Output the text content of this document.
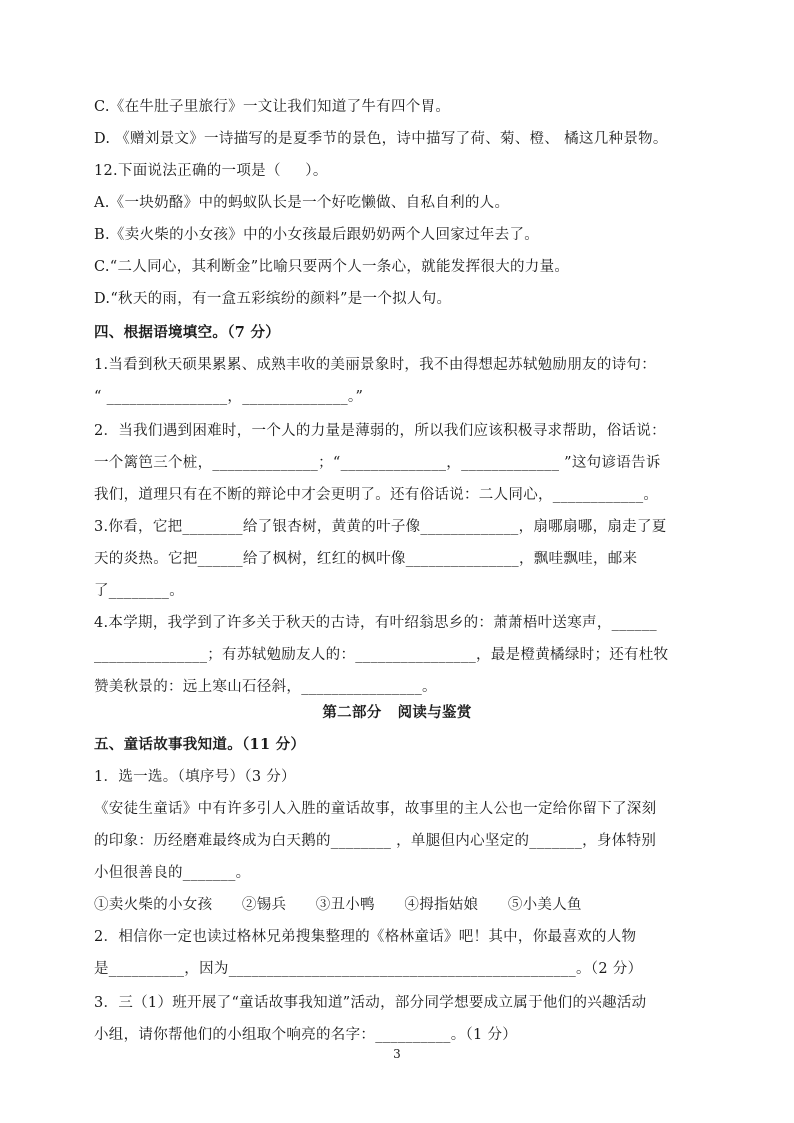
C.《在牛肚子里旅行》一文让我们知道了牛有四个胃。
D. 《赠刘景文》一诗描写的是夏季节的景色，诗中描写了荷、菊、橙、 橘这几种景物。
12.下面说法正确的一项是（     ）。
A.《一块奶酪》中的蚂蚁队长是一个好吃懒做、自私自利的人。
B.《卖火柴的小女孩》中的小女孩最后跟奶奶两个人回家过年去了。
C.“二人同心，其利断金”比喻只要两个人一条心，就能发挥很大的力量。
D.“秋天的雨，有一盒五彩缤纷的颜料”是一个拟人句。
四、根据语境填空。（7 分）
1.当看到秋天硕果累累、成熟丰收的美丽景象时，我不由得想起苏轼勉励朋友的诗句：
“ ________________，______________。”
2．当我们遇到困难时，一个人的力量是薄弱的，所以我们应该积极寻求帮助，俗话说：
一个篱笆三个桩，______________；“______________，_____________ ”这句谚语告诉
我们，道理只有在不断的辩论中才会更明了。还有俗话说：二人同心，____________。
3.你看，它把________给了银杏树，黄黄的叶子像_____________，扇哪扇哪，扇走了夏
天的炎热。它把______给了枫树，红红的枫叶像_______________，飘哇飘哇，邮来
了________。
4.本学期，我学到了许多关于秋天的古诗，有叶绍翁思乡的：萧萧梧叶送寒声，______
_______________；有苏轼勉励友人的：________________，最是橙黄橘绿时；还有杜牧
赞美秋景的：远上寒山石径斜，________________。
第二部分   阅读与鉴赏
五、童话故事我知道。（11 分）
1．选一选。（填序号）（3 分）
《安徒生童话》中有许多引人入胜的童话故事，故事里的主人公也一定给你留下了深刻
的印象：历经磨难最终成为白天鹅的________ ，单腿但内心坚定的_______，身体特别
小但很善良的_______。
①卖火柴的小女孩      ②锡兵      ③丑小鸭      ④拇指姑娘      ⑤小美人鱼
2．相信你一定也读过格林兄弟搜集整理的《格林童话》吧！其中，你最喜欢的人物
是__________，因为______________________________________________。（2 分）
3．三（1）班开展了“童话故事我知道”活动，部分同学想要成立属于他们的兴趣活动
小组，请你帮他们的小组取个响亮的名字：__________。（1 分）
3
